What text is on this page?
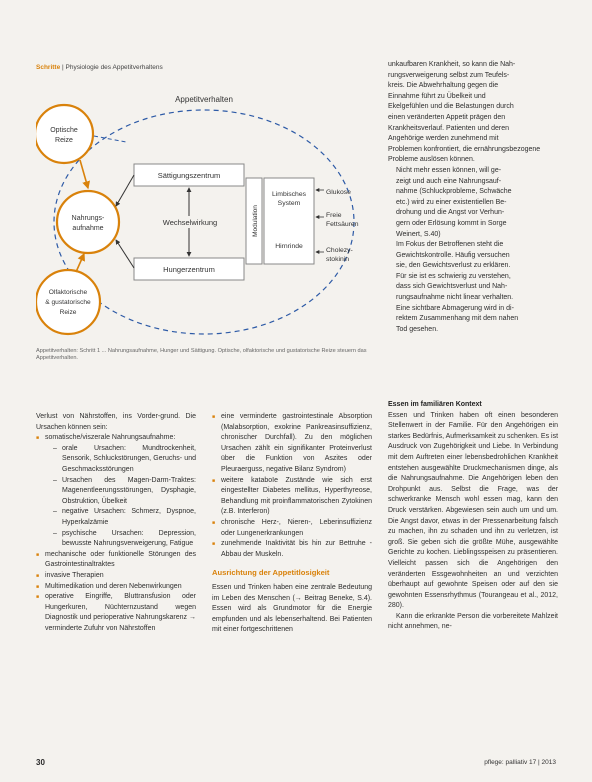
Schritte | Physiologie des Appetitverhaltens
Appetitverhalten
Optische
Reize
Nahrungs-
aufnahme
Olfaktorische
& gustatorische
Reize
Sättigungszentrum
Hungerzentrum
Wechselwirkung	Modulation
Limbisches
System
Hirnrinde
Glukose
Freie
Fettsäuren
Cholezy-
stokinin
Appetitverhalten: Schritt 1 ... Nahrungsaufnahme, Hunger und Sättigung. Optische, olfaktorische und gustatorische Reize steuern das Appetitverhalten.

unkaufbaren Krankheit, so kann die Nah-

rungsverweigerung selbst zum Teufels-

kreis. Die Abwehrhaltung gegen die

Einnahme führt zu Übelkeit und

Ekelgefühlen und die Belastungen durch

einen veränderten Appetit prägen den

Krankheitsverlauf. Patienten und deren

Angehörige werden zunehmend mit

Problemen konfrontiert, die ernährungsbezogene

Probleme auslösen können.

Nicht mehr essen können, will ge-

zeigt und auch eine Nahrungsauf-

nahme (Schluckprobleme, Schwäche

etc.) wird zu einer existentiellen Be-

drohung und die Angst vor Verhun-

gern oder Erlösung kommt in Sorge

Weinert, S.40)

Im Fokus der Betroffenen steht die

Gewichtskontrolle. Häufig versuchen

sie, den Gewichtsverlust zu erklären.

Für sie ist es schwierig zu verstehen,

dass sich Gewichtsverlust und Nah-

rungsaufnahme nicht linear verhalten.

Eine sichtbare Abmagerung wird in di-

rektem Zusammenhang mit dem nahen

Tod gesehen.

Verlust von Nährstoffen, ins Vorder-grund. Die Ursachen können sein:

■ somatische/viszerale Nahrungsaufnahme:
– orale Ursachen: Mundtrockenheit, Sensorik, Schluckstörungen, Geruchs- und Geschmacksstörungen
– Ursachen des Magen-Darm-Traktes: Magenentleerungsstörungen, Dysphagie, Obstruktion, Übelkeit
– negative Ursachen: Schmerz, Dyspnoe, Hyperkalzämie
– psychische Ursachen: Depression, bewusste Nahrungsverweigerung, Fatigue
■ mechanische oder funktionelle Störungen des Gastrointestinaltraktes
■ invasive Therapien
■ Multimedikation und deren Nebenwirkungen
■ operative Eingriffe, Bluttransfusion oder Hungerkuren, Nüchternzustand wegen Diagnostik und perioperative Nahrungskarenz → verminderte Zufuhr von Nährstoffen
■ eine verminderte gastrointestinale Absorption (Malabsorption, exokrine Pankreasinsuffizienz, chronischer Durchfall). Zu den möglichen Ursachen zählt ein signifikanter Proteinverlust über die Funktion von Aszites oder Pleuraerguss, negative Bilanz Syndrom)
■ weitere kataboIe Zustände wie sich erst eingestellter Diabetes mellitus, Hyperthyreose, Behandlung mit proinflammatorischen Zytokinen (z.B. Interferon)
■ chronische Herz-, Nieren-, Leberinsuffizienz oder Lungenerkrankungen
■ zunehmende Inaktivität bis hin zur Bettruhe - Abbau der Muskeln.

Ausrichtung der Appetitlosigkeit

Essen und Trinken haben eine zentrale Bedeutung im Leben des Menschen (→ Beitrag Beneke, S.4). Essen wird als Grundmotor für die Energie empfunden und als lebenserhaltend. Bei Patienten mit einer fortgeschrittenen

Essen im familiären Kontext

Essen und Trinken haben oft einen besonderen Stellenwert in der Familie. Für den Angehörigen ein starkes Bedürfnis, Aufmerksamkeit zu schenken. Es ist Ausdruck von Zugehörigkeit und Liebe. In Verbindung mit dem Auftreten einer lebensbedrohlichen Krankheit entstehen ausgewählte Druckmechanismen dinge, als die Nahrungsaufnahme. Die Angehörigen leben den Drohpunkt aus. Selbst die Frage, was der schwerkranke Mensch wohl essen mag, kann den Druck verstärken. Abgewiesen sein auch um und um. Die Angst davor, etwas in der Pressenarbeitung falsch zu machen, ihn zu schaden und ihn zu verletzen, ist groß. Sie geben sich die größte Mühe, ausgewählte Gerichte zu kochen. Lieblingsspeisen zu präsentieren. Vielleicht passen sich die Angehörigen den veränderten Essgewohnheiten an und verzichten überhaupt auf gewohnte Speisen oder auf den sie gewohnten Essensrhythmus (Tourangeau et al., 2012, 280).

Kann die erkrankte Person die vorbereitete Mahlzeit nicht annehmen, ne-

30	pflege: palliativ 17 | 2013
